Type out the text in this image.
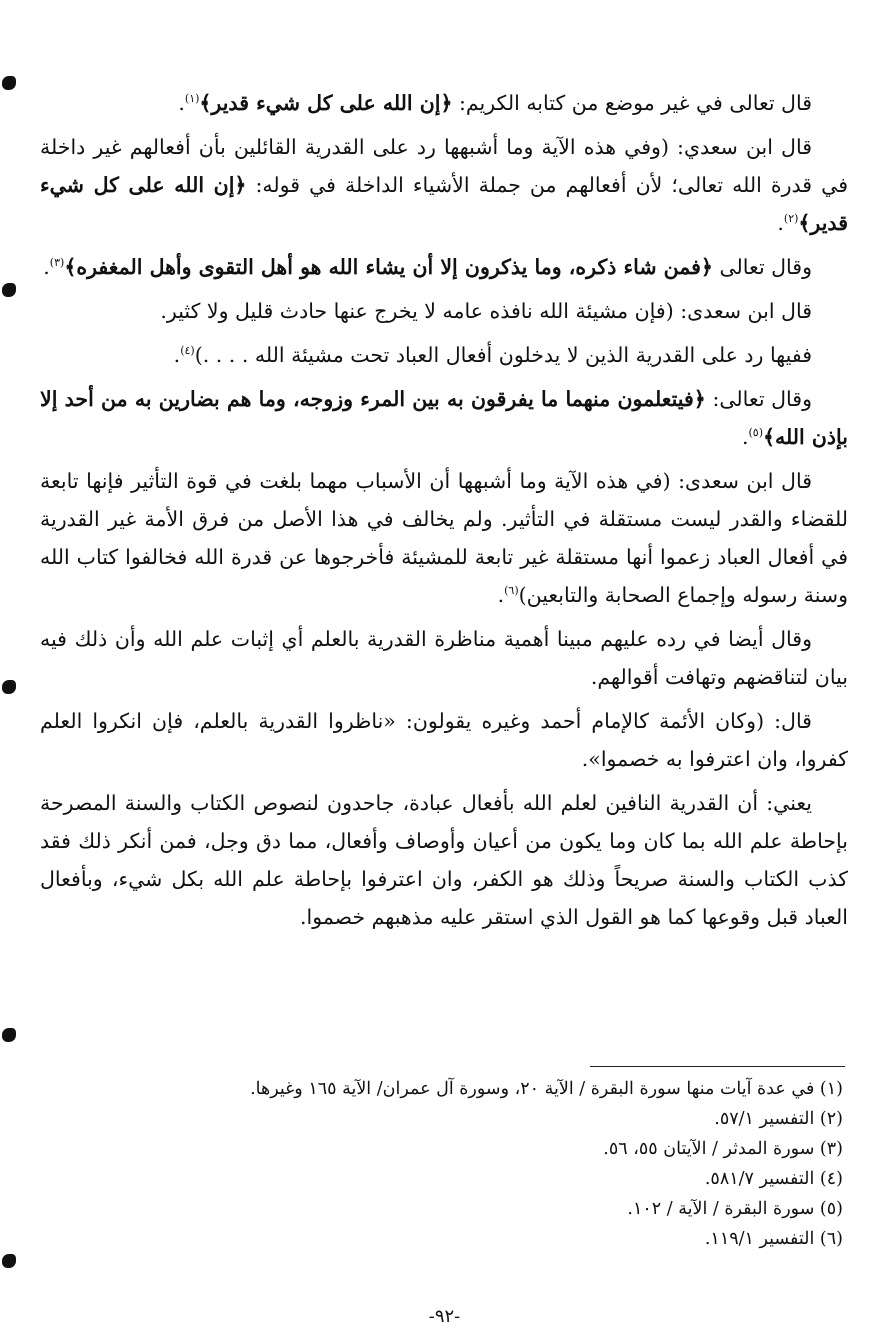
قال تعالى في غير موضع من كتابه الكريم: ﴿إن الله على كل شيء قدير﴾$^{(١)}$.

قال ابن سعدي: (وفي هذه الآية وما أشبهها رد على القدرية القائلين بأن أفعالهم غير داخلة في قدرة الله تعالى؛ لأن أفعالهم من جملة الأشياء الداخلة في قوله: ﴿إن الله على كل شيء قدير﴾$^{(٢)}$.

وقال تعالى ﴿فمن شاء ذكره، وما يذكرون إلا أن يشاء الله هو أهل التقوى وأهل المغفره﴾$^{(٣)}$.

قال ابن سعدى: (فإن مشيئة الله نافذه عامه لا يخرج عنها حادث قليل ولا كثير.

ففيها رد على القدرية الذين لا يدخلون أفعال العباد تحت مشيئة الله . . . .)$^{(٤)}$.

وقال تعالى: ﴿فيتعلمون منهما ما يفرقون به بين المرء وزوجه، وما هم بضارين به من أحد إلا بإذن الله﴾$^{(٥)}$.

قال ابن سعدى: (في هذه الآية وما أشبهها أن الأسباب مهما بلغت في قوة التأثير فإنها تابعة للقضاء والقدر ليست مستقلة في التأثير. ولم يخالف في هذا الأصل من فرق الأمة غير القدرية في أفعال العباد زعموا أنها مستقلة غير تابعة للمشيئة فأخرجوها عن قدرة الله فخالفوا كتاب الله وسنة رسوله وإجماع الصحابة والتابعين)$^{(٦)}$.

وقال أيضا في رده عليهم مبينا أهمية مناظرة القدرية بالعلم أي إثبات علم الله وأن ذلك فيه بيان لتناقضهم وتهافت أقوالهم.

قال: (وكان الأئمة كالإمام أحمد وغيره يقولون: «ناظروا القدرية بالعلم، فإن انكروا العلم كفروا، وان اعترفوا به خصموا».

يعني: أن القدرية النافين لعلم الله بأفعال عبادة، جاحدون لنصوص الكتاب والسنة المصرحة بإحاطة علم الله بما كان وما يكون من أعيان وأوصاف وأفعال، مما دق وجل، فمن أنكر ذلك فقد كذب الكتاب والسنة صريحاً وذلك هو الكفر، وان اعترفوا بإحاطة علم الله بكل شيء، وبأفعال العباد قبل وقوعها كما هو القول الذي استقر عليه مذهبهم خصموا.

(١) في عدة آيات منها سورة البقرة / الآية ٢٠، وسورة آل عمران/ الآية ١٦٥ وغيرها.

(٢) التفسير ٥٧/١.

(٣) سورة المدثر / الآيتان ٥٥، ٥٦.

(٤) التفسير ٥٨١/٧.

(٥) سورة البقرة / الآية / ١٠٢.

(٦) التفسير ١١٩/١.

-٩٢-
